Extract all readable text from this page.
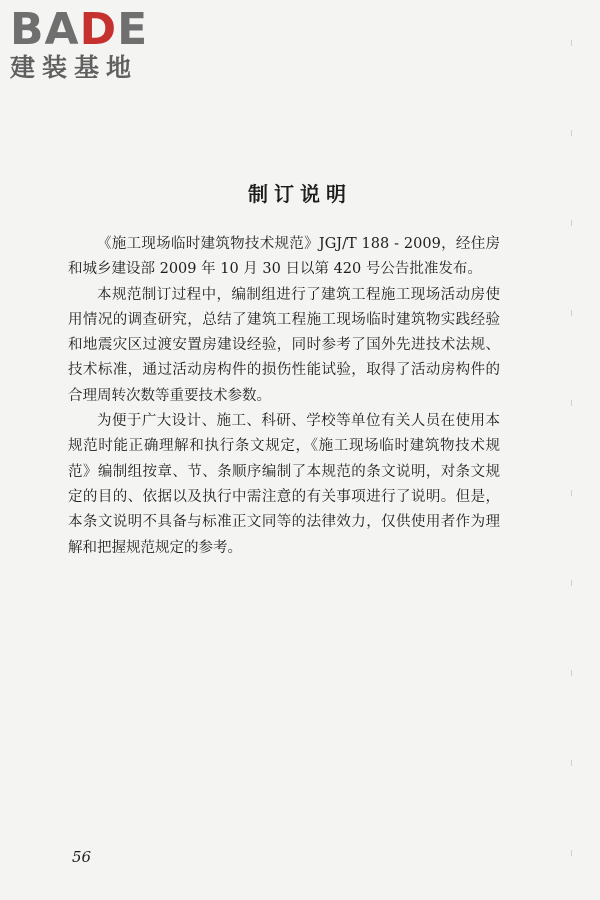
BADE
建装基地
制订说明

《施工现场临时建筑物技术规范》JGJ/T 188 - 2009，经住房和城乡建设部 2009 年 10 月 30 日以第 420 号公告批准发布。

本规范制订过程中，编制组进行了建筑工程施工现场活动房使用情况的调查研究，总结了建筑工程施工现场临时建筑物实践经验和地震灾区过渡安置房建设经验，同时参考了国外先进技术法规、技术标准，通过活动房构件的损伤性能试验，取得了活动房构件的合理周转次数等重要技术参数。

为便于广大设计、施工、科研、学校等单位有关人员在使用本规范时能正确理解和执行条文规定，《施工现场临时建筑物技术规范》编制组按章、节、条顺序编制了本规范的条文说明，对条文规定的目的、依据以及执行中需注意的有关事项进行了说明。但是，本条文说明不具备与标准正文同等的法律效力，仅供使用者作为理解和把握规范规定的参考。

56
